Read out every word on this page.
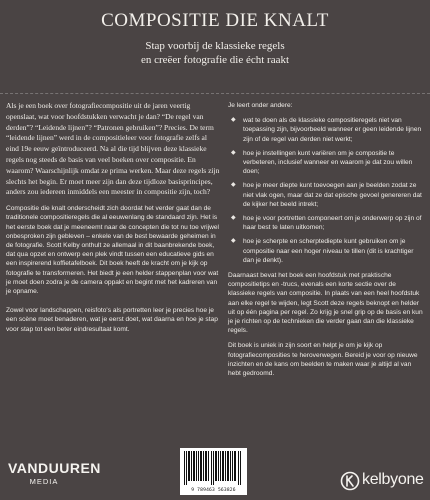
COMPOSITIE DIE KNALT
Stap voorbij de klassieke regels
en creëer fotografie die écht raakt

Als je een boek over fotografiecompositie uit de jaren veertig openslaat, wat voor hoofdstukken verwacht je dan? “De regel van derden”? “Leidende lijnen”? “Patronen gebruiken”? Precies. De term “leidende lijnen” werd in de compositieleer voor fotografie zelfs al eind 19e eeuw geïntroduceerd. Na al die tijd blijven deze klassieke regels nog steeds de basis van veel boeken over compositie. En waarom? Waarschijnlijk omdat ze prima werken. Maar deze regels zijn slechts het begin. Er moet meer zijn dan deze tijdloze basisprincipes, anders zou iedereen inmiddels een meester in compositie zijn, toch?

Compositie die knalt onderscheidt zich doordat het verder gaat dan de traditionele compositieregels die al eeuwenlang de standaard zijn. Het is het eerste boek dat je meeneemt naar de concepten die tot nu toe vrijwel onbesproken zijn gebleven – enkele van de best bewaarde geheimen in de fotografie. Scott Kelby onthult ze allemaal in dit baanbrekende boek, dat qua opzet en ontwerp een plek vindt tussen een educatieve gids en een inspirerend koffietafelboek. Dit boek heeft de kracht om je kijk op fotografie te transformeren. Het biedt je een helder stappenplan voor wat je moet doen zodra je de camera oppakt en begint met het kadreren van je opname.

Zowel voor landschappen, reisfoto's als portretten leer je precies hoe je een scène moet benaderen, wat je eerst doet, wat daarna en hoe je stap voor stap tot een beter eindresultaat komt.

Je leert onder andere:

◆ wat te doen als de klassieke compositieregels niet van toepassing zijn, bijvoorbeeld wanneer er geen leidende lijnen zijn of de regel van derden niet werkt;
◆ hoe je instellingen kunt variëren om je compositie te verbeteren, inclusief wanneer en waarom je dat zou willen doen;
◆ hoe je meer diepte kunt toevoegen aan je beelden zodat ze niet vlak ogen, maar dat ze dat epische gevoel genereren dat de kijker het beeld intrekt;
◆ hoe je voor portretten componeert om je onderwerp op zijn of haar best te laten uitkomen;
◆ hoe je scherpte en scherptediepte kunt gebruiken om je compositie naar een hoger niveau te tillen (dit is krachtiger dan je denkt).

Daarnaast bevat het boek een hoofdstuk met praktische compositietips en -trucs, evenals een korte sectie over de klassieke regels van compositie. In plaats van een heel hoofdstuk aan elke regel te wijden, legt Scott deze regels beknopt en helder uit op één pagina per regel. Zo krijg je snel grip op de basis en kun je je richten op de technieken die verder gaan dan die klassieke regels.

Dit boek is uniek in zijn soort en helpt je om je kijk op fotografiecomposities te heroverwegen. Bereid je voor op nieuwe inzichten en de kans om beelden te maken waar je altijd al van hebt gedroomd.

VANDUUREN
MEDIA
9 789463 563826
kelbyone
